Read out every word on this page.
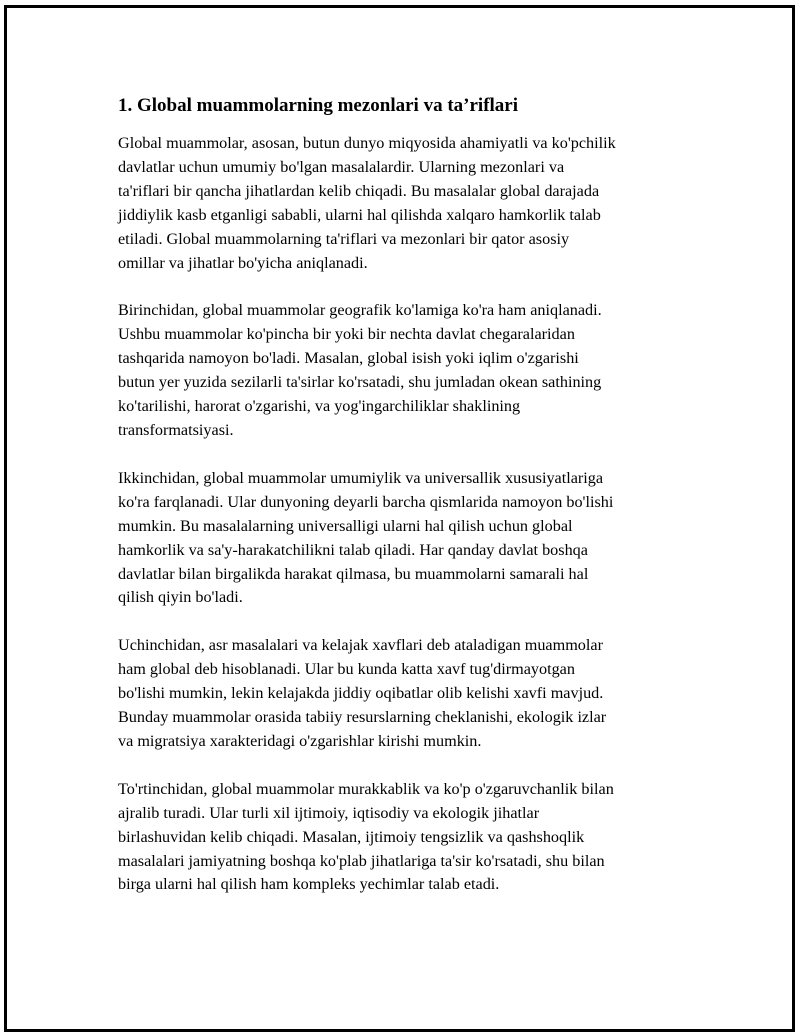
1. Global muammolarning mezonlari va ta’riflari

Global muammolar, asosan, butun dunyo miqyosida ahamiyatli va ko'pchilik
davlatlar uchun umumiy bo'lgan masalalardir. Ularning mezonlari va
ta'riflari bir qancha jihatlardan kelib chiqadi. Bu masalalar global darajada
jiddiylik kasb etganligi sababli, ularni hal qilishda xalqaro hamkorlik talab
etiladi. Global muammolarning ta'riflari va mezonlari bir qator asosiy
omillar va jihatlar bo'yicha aniqlanadi.

Birinchidan, global muammolar geografik ko'lamiga ko'ra ham aniqlanadi.
Ushbu muammolar ko'pincha bir yoki bir nechta davlat chegaralaridan
tashqarida namoyon bo'ladi. Masalan, global isish yoki iqlim o'zgarishi
butun yer yuzida sezilarli ta'sirlar ko'rsatadi, shu jumladan okean sathining
ko'tarilishi, harorat o'zgarishi, va yog'ingarchiliklar shaklining
transformatsiyasi.

Ikkinchidan, global muammolar umumiylik va universallik xususiyatlariga
ko'ra farqlanadi. Ular dunyoning deyarli barcha qismlarida namoyon bo'lishi
mumkin. Bu masalalarning universalligi ularni hal qilish uchun global
hamkorlik va sa'y-harakatchilikni talab qiladi. Har qanday davlat boshqa
davlatlar bilan birgalikda harakat qilmasa, bu muammolarni samarali hal
qilish qiyin bo'ladi.

Uchinchidan, asr masalalari va kelajak xavflari deb ataladigan muammolar
ham global deb hisoblanadi. Ular bu kunda katta xavf tug'dirmayotgan
bo'lishi mumkin, lekin kelajakda jiddiy oqibatlar olib kelishi xavfi mavjud.
Bunday muammolar orasida tabiiy resurslarning cheklanishi, ekologik izlar
va migratsiya xarakteridagi o'zgarishlar kirishi mumkin.

To'rtinchidan, global muammolar murakkablik va ko'p o'zgaruvchanlik bilan
ajralib turadi. Ular turli xil ijtimoiy, iqtisodiy va ekologik jihatlar
birlashuvidan kelib chiqadi. Masalan, ijtimoiy tengsizlik va qashshoqlik
masalalari jamiyatning boshqa ko'plab jihatlariga ta'sir ko'rsatadi, shu bilan
birga ularni hal qilish ham kompleks yechimlar talab etadi.
